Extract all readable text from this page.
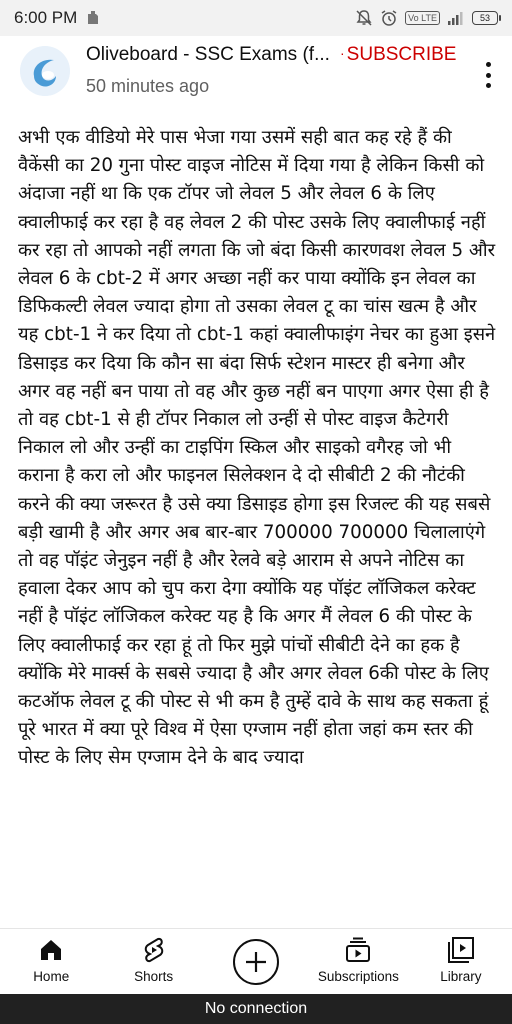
6:00 PM	Vo LTE	53
Oliveboard - SSC Exams (f... · SUBSCRIBE
50 minutes ago

अभी एक वीडियो मेरे पास भेजा गया उसमें सही बात कह रहे हैं की वैकेंसी का 20 गुना पोस्ट वाइज नोटिस में दिया गया है लेकिन किसी को अंदाजा नहीं था कि एक टॉपर जो लेवल 5 और लेवल 6 के लिए क्वालीफाई कर रहा है वह लेवल 2 की पोस्ट उसके लिए क्वालीफाई नहीं कर रहा तो आपको नहीं लगता कि जो बंदा किसी कारणवश लेवल 5 और लेवल 6 के cbt-2 में अगर अच्छा नहीं कर पाया क्योंकि इन लेवल का डिफिकल्टी लेवल ज्यादा होगा तो उसका लेवल टू का चांस खत्म है और यह cbt-1 ने कर दिया तो cbt-1 कहां क्वालीफाइंग नेचर का हुआ इसने डिसाइड कर दिया कि कौन सा बंदा सिर्फ स्टेशन मास्टर ही बनेगा और अगर वह नहीं बन पाया तो वह और कुछ नहीं बन पाएगा अगर ऐसा ही है तो वह cbt-1 से ही टॉपर निकाल लो उन्हीं से पोस्ट वाइज कैटेगरी निकाल लो और उन्हीं का टाइपिंग स्किल और साइको वगैरह जो भी कराना है करा लो और फाइनल सिलेक्शन दे दो सीबीटी 2 की नौटंकी करने की क्या जरूरत है उसे क्या डिसाइड होगा इस रिजल्ट की यह सबसे बड़ी खामी है और अगर अब बार-बार 700000 700000 चिलालाएंगे तो वह पॉइंट जेनुइन नहीं है और रेलवे बड़े आराम से अपने नोटिस का हवाला देकर आप को चुप करा देगा क्योंकि यह पॉइंट लॉजिकल करेक्ट नहीं है पॉइंट लॉजिकल करेक्ट यह है कि अगर मैं लेवल 6 की पोस्ट के लिए क्वालीफाई कर रहा हूं तो फिर मुझे पांचों सीबीटी देने का हक है क्योंकि मेरे मार्क्स के सबसे ज्यादा है और अगर लेवल 6की पोस्ट के लिए कटऑफ लेवल टू की पोस्ट से भी कम है तुम्हें दावे के साथ कह सकता हूं पूरे भारत में क्या पूरे विश्व में ऐसा एग्जाम नहीं होता जहां कम स्तर की पोस्ट के लिए सेम एग्जाम देने के बाद ज्यादा

Home	Shorts	Subscriptions	Library
No connection
